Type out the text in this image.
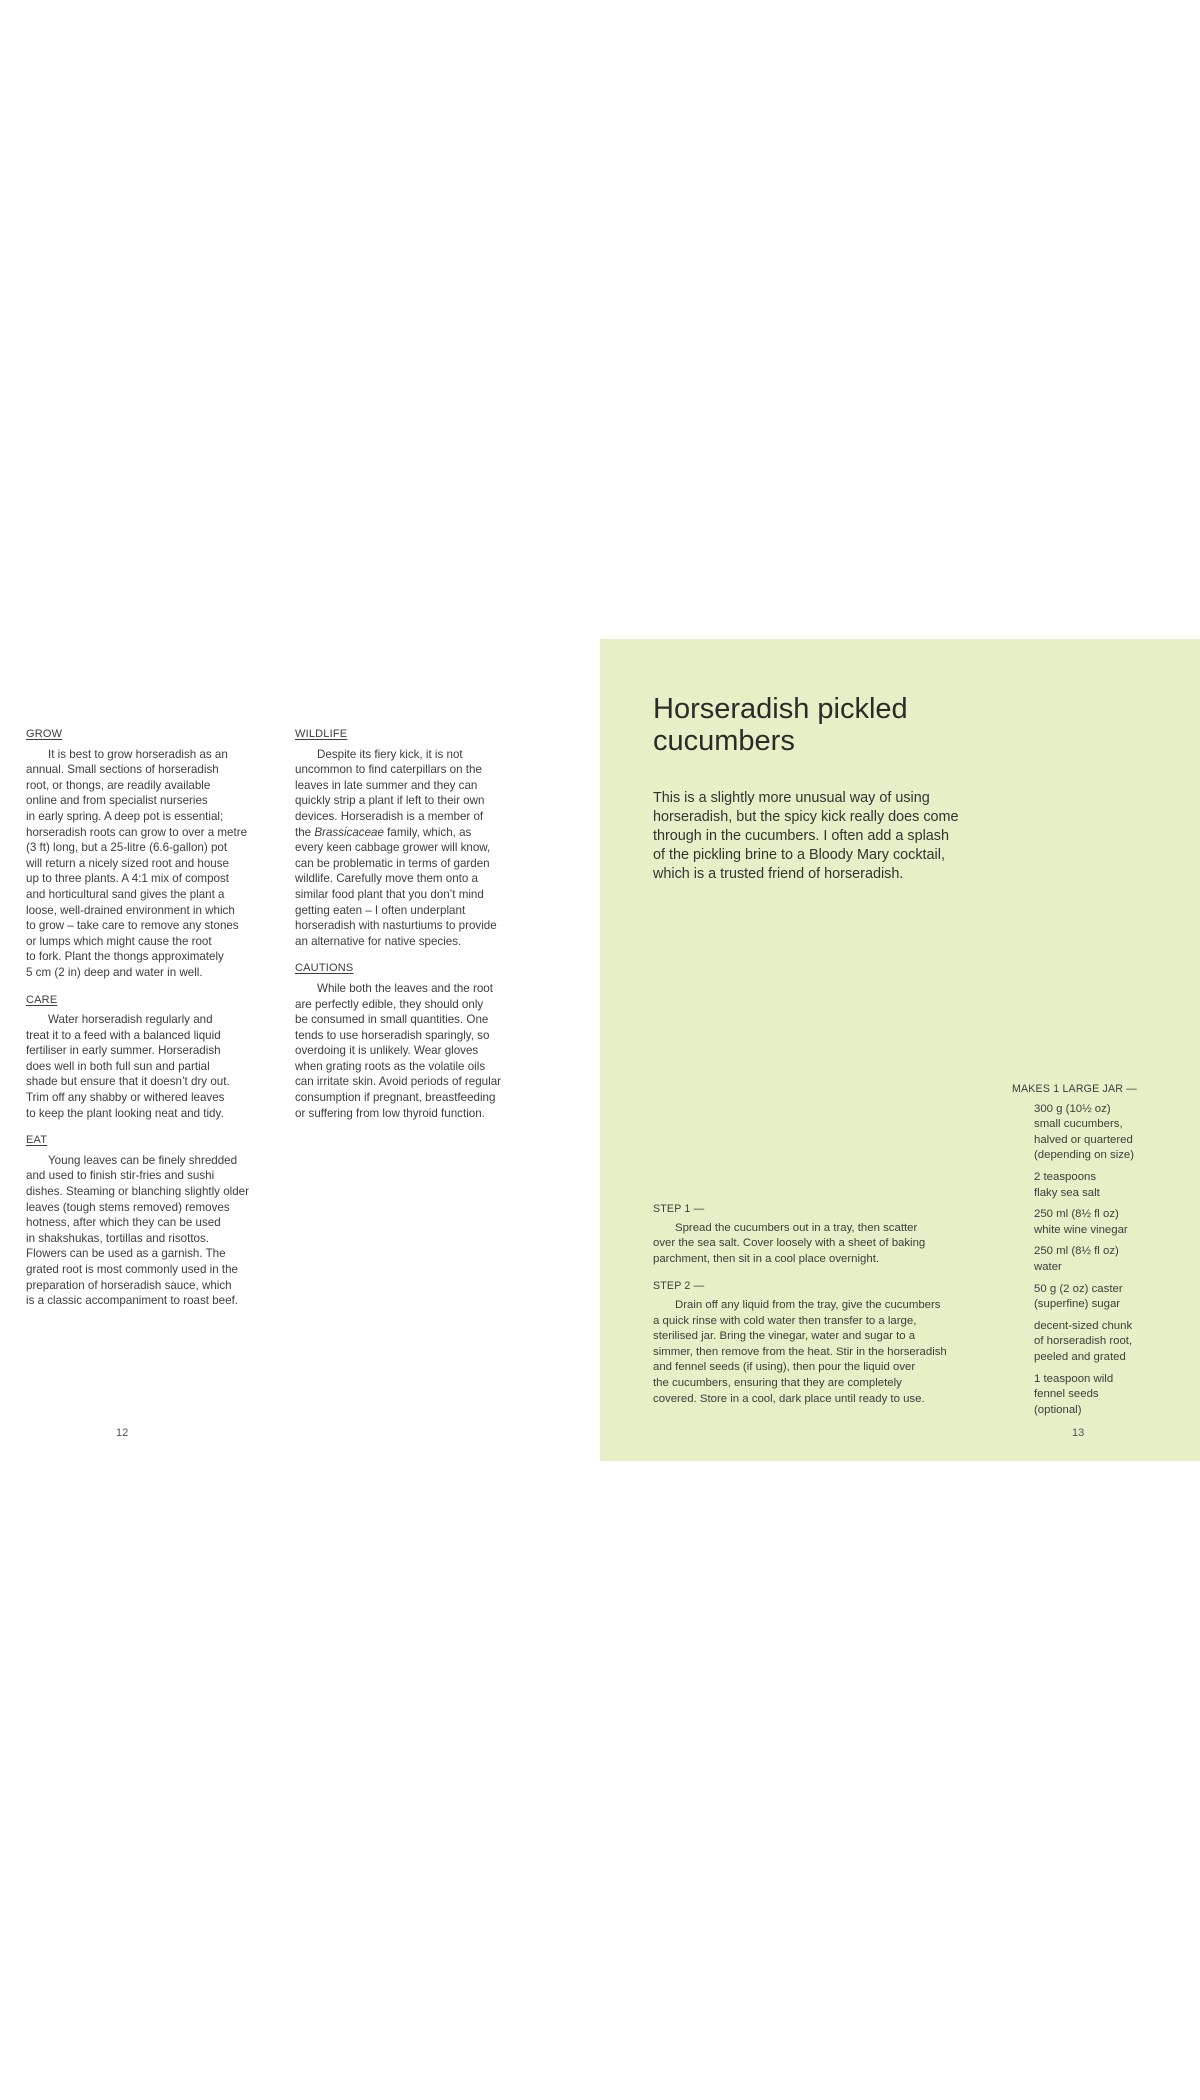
GROW

It is best to grow horseradish as an
annual. Small sections of horseradish
root, or thongs, are readily available
online and from specialist nurseries
in early spring. A deep pot is essential;
horseradish roots can grow to over a metre
(3 ft) long, but a 25-litre (6.6-gallon) pot
will return a nicely sized root and house
up to three plants. A 4:1 mix of compost
and horticultural sand gives the plant a
loose, well-drained environment in which
to grow – take care to remove any stones
or lumps which might cause the root
to fork. Plant the thongs approximately
5 cm (2 in) deep and water in well.

CARE

Water horseradish regularly and
treat it to a feed with a balanced liquid
fertiliser in early summer. Horseradish
does well in both full sun and partial
shade but ensure that it doesn’t dry out.
Trim off any shabby or withered leaves
to keep the plant looking neat and tidy.

EAT

Young leaves can be finely shredded
and used to finish stir-fries and sushi
dishes. Steaming or blanching slightly older
leaves (tough stems removed) removes
hotness, after which they can be used
in shakshukas, tortillas and risottos.
Flowers can be used as a garnish. The
grated root is most commonly used in the
preparation of horseradish sauce, which
is a classic accompaniment to roast beef.

WILDLIFE

Despite its fiery kick, it is not
uncommon to find caterpillars on the
leaves in late summer and they can
quickly strip a plant if left to their own
devices. Horseradish is a member of
the Brassicaceae family, which, as
every keen cabbage grower will know,
can be problematic in terms of garden
wildlife. Carefully move them onto a
similar food plant that you don’t mind
getting eaten – I often underplant
horseradish with nasturtiums to provide
an alternative for native species.

CAUTIONS

While both the leaves and the root
are perfectly edible, they should only
be consumed in small quantities. One
tends to use horseradish sparingly, so
overdoing it is unlikely. Wear gloves
when grating roots as the volatile oils
can irritate skin. Avoid periods of regular
consumption if pregnant, breastfeeding
or suffering from low thyroid function.

12
Horseradish pickled cucumbers

This is a slightly more unusual way of using
horseradish, but the spicy kick really does come
through in the cucumbers. I often add a splash
of the pickling brine to a Bloody Mary cocktail,
which is a trusted friend of horseradish.

MAKES 1 LARGE JAR —
300 g (10½ oz)
small cucumbers,
halved or quartered
(depending on size)
2 teaspoons
flaky sea salt
250 ml (8½ fl oz)
white wine vinegar
250 ml (8½ fl oz)
water
50 g (2 oz) caster
(superfine) sugar
decent-sized chunk
of horseradish root,
peeled and grated
1 teaspoon wild
fennel seeds
(optional)
STEP 1 —

Spread the cucumbers out in a tray, then scatter
over the sea salt. Cover loosely with a sheet of baking
parchment, then sit in a cool place overnight.

STEP 2 —

Drain off any liquid from the tray, give the cucumbers
a quick rinse with cold water then transfer to a large,
sterilised jar. Bring the vinegar, water and sugar to a
simmer, then remove from the heat. Stir in the horseradish
and fennel seeds (if using), then pour the liquid over
the cucumbers, ensuring that they are completely
covered. Store in a cool, dark place until ready to use.

13
